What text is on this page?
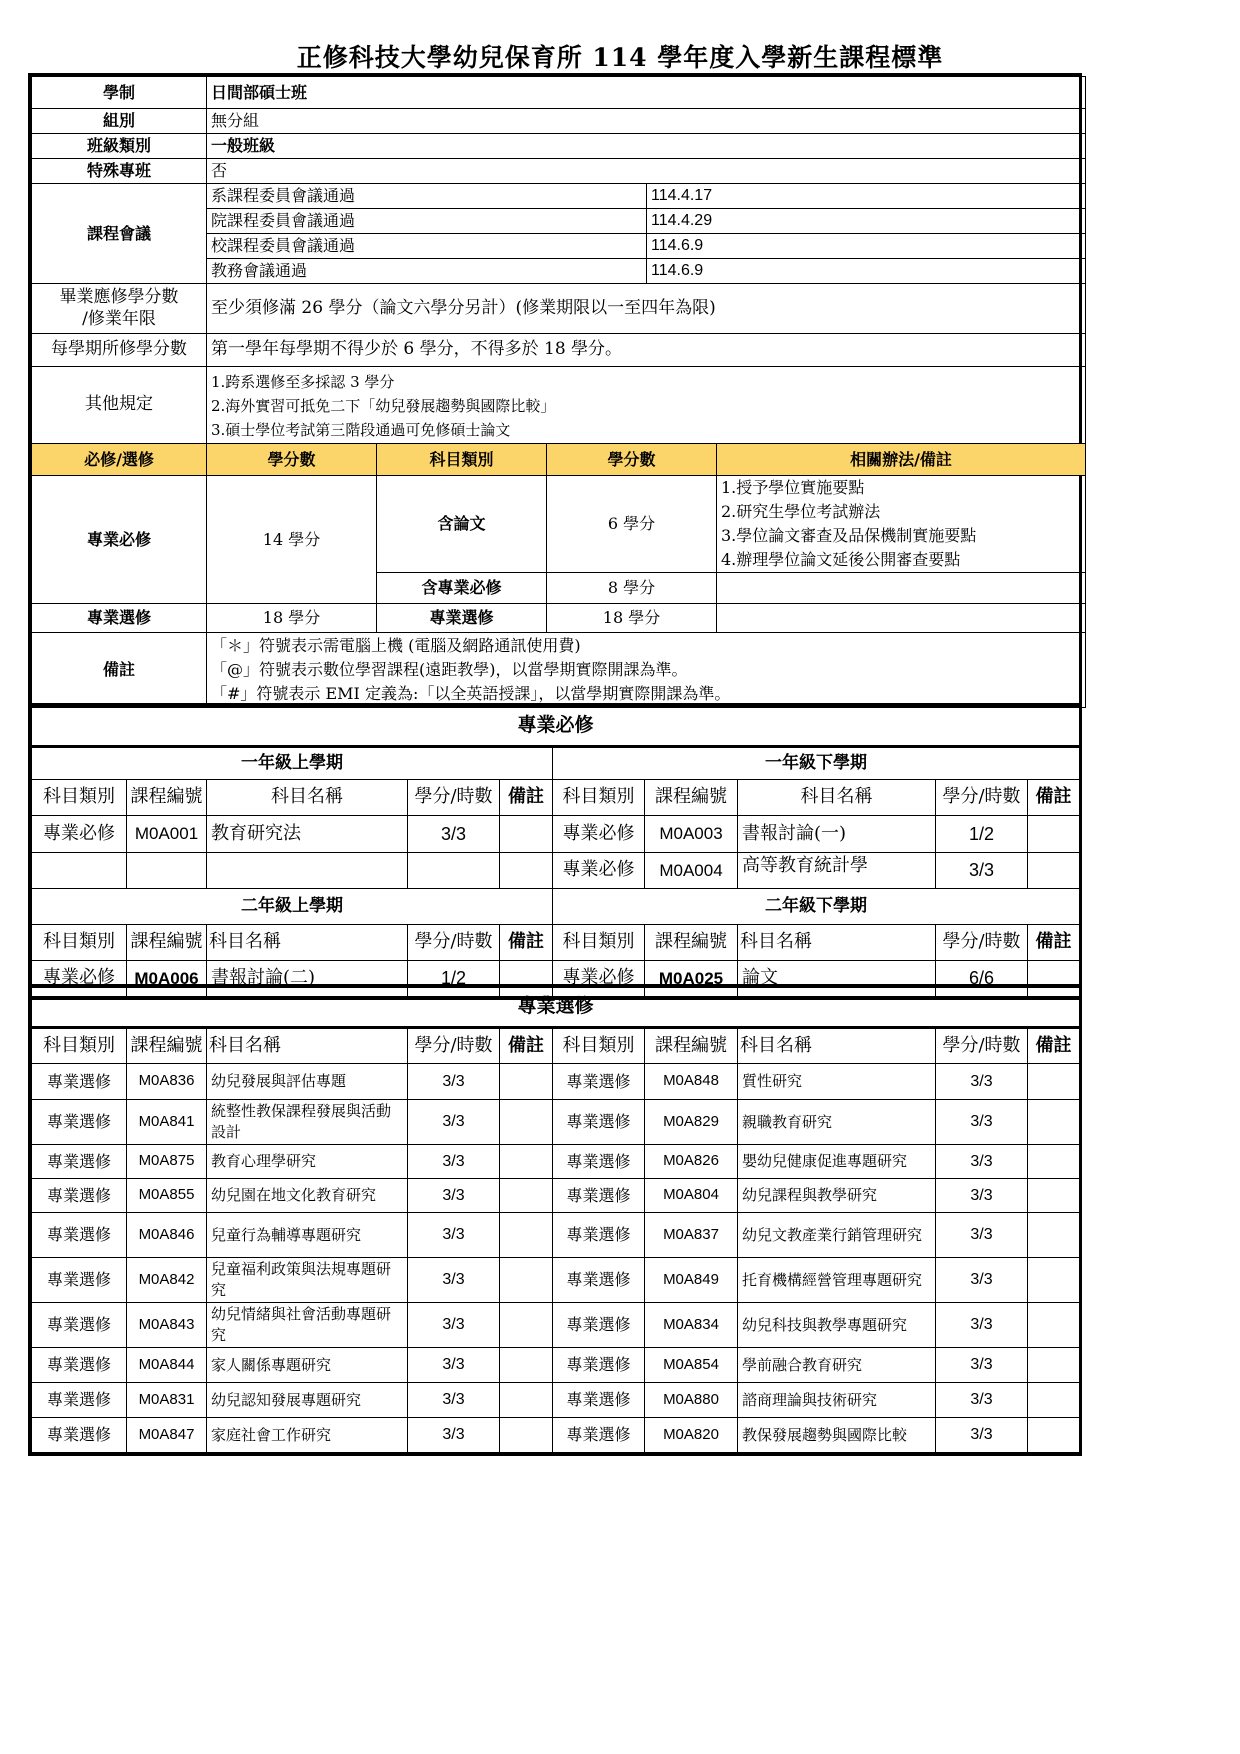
正修科技大學幼兒保育所 114 學年度入學新生課程標準
學制	日間部碩士班				
組別	無分組				
班級類別	一般班級				
特殊專班	否				
課程會議	系課程委員會議通過			114.4.17	
	院課程委員會議通過			114.4.29	
	校課程委員會議通過			114.6.9	
	教務會議通過			114.6.9	

畢業應修學分數
/修業年限	至少須修滿 26 學分（論文六學分另計）(修業期限以一至四年為限)				
每學期所修學分數	第一學年每學期不得少於 6 學分，不得多於 18 學分。				
其他規定	1.跨系選修至多採認 3 學分
2.海外實習可抵免二下「幼兒發展趨勢與國際比較」
3.碩士學位考試第三階段通過可免修碩士論文				

必修/選修	學分數	科目類別	學分數		相關辦法/備註
專業必修	14 學分	含論文	6 學分		1.授予學位實施要點
2.研究生學位考試辦法
3.學位論文審查及品保機制實施要點
4.辦理學位論文延後公開審查要點

		含專業必修	8 學分		
專業選修	18 學分	專業選修	18 學分		
備註	「＊」符號表示需電腦上機 (電腦及網路通訊使用費)
「@」符號表示數位學習課程(遠距教學)，以當學期實際開課為準。
「#」符號表示 EMI 定義為:「以全英語授課」，以當學期實際開課為準。				
專業必修									
一年級上學期					一年級下學期				
科目類別	課程編號	科目名稱	學分/時數	備註	科目類別	課程編號	科目名稱	學分/時數	備註
專業必修	M0A001	教育研究法	3/3		專業必修	M0A003	書報討論(一)	1/2	
					專業必修	M0A004	高等教育統計學	3/3	
二年級上學期					二年級下學期				
科目類別	課程編號	科目名稱	學分/時數	備註	科目類別	課程編號	科目名稱	學分/時數	備註
專業必修	M0A006	書報討論(二)	1/2		專業必修	M0A025	論文	6/6	
專業選修									
科目類別	課程編號	科目名稱	學分/時數	備註	科目類別	課程編號	科目名稱	學分/時數	備註
專業選修	M0A836	幼兒發展與評估專題	3/3		專業選修	M0A848	質性研究	3/3	
專業選修	M0A841	統整性教保課程發展與活動設計	3/3		專業選修	M0A829	親職教育研究	3/3	
專業選修	M0A875	教育心理學研究	3/3		專業選修	M0A826	嬰幼兒健康促進專題研究	3/3	
專業選修	M0A855	幼兒園在地文化教育研究	3/3		專業選修	M0A804	幼兒課程與教學研究	3/3	
專業選修	M0A846	兒童行為輔導專題研究	3/3		專業選修	M0A837	幼兒文教產業行銷管理研究	3/3	
專業選修	M0A842	兒童福利政策與法規專題研究	3/3		專業選修	M0A849	托育機構經營管理專題研究	3/3	
專業選修	M0A843	幼兒情緒與社會活動專題研究	3/3		專業選修	M0A834	幼兒科技與教學專題研究	3/3	
專業選修	M0A844	家人關係專題研究	3/3		專業選修	M0A854	學前融合教育研究	3/3	
專業選修	M0A831	幼兒認知發展專題研究	3/3		專業選修	M0A880	諮商理論與技術研究	3/3	
專業選修	M0A847	家庭社會工作研究	3/3		專業選修	M0A820	教保發展趨勢與國際比較	3/3	
